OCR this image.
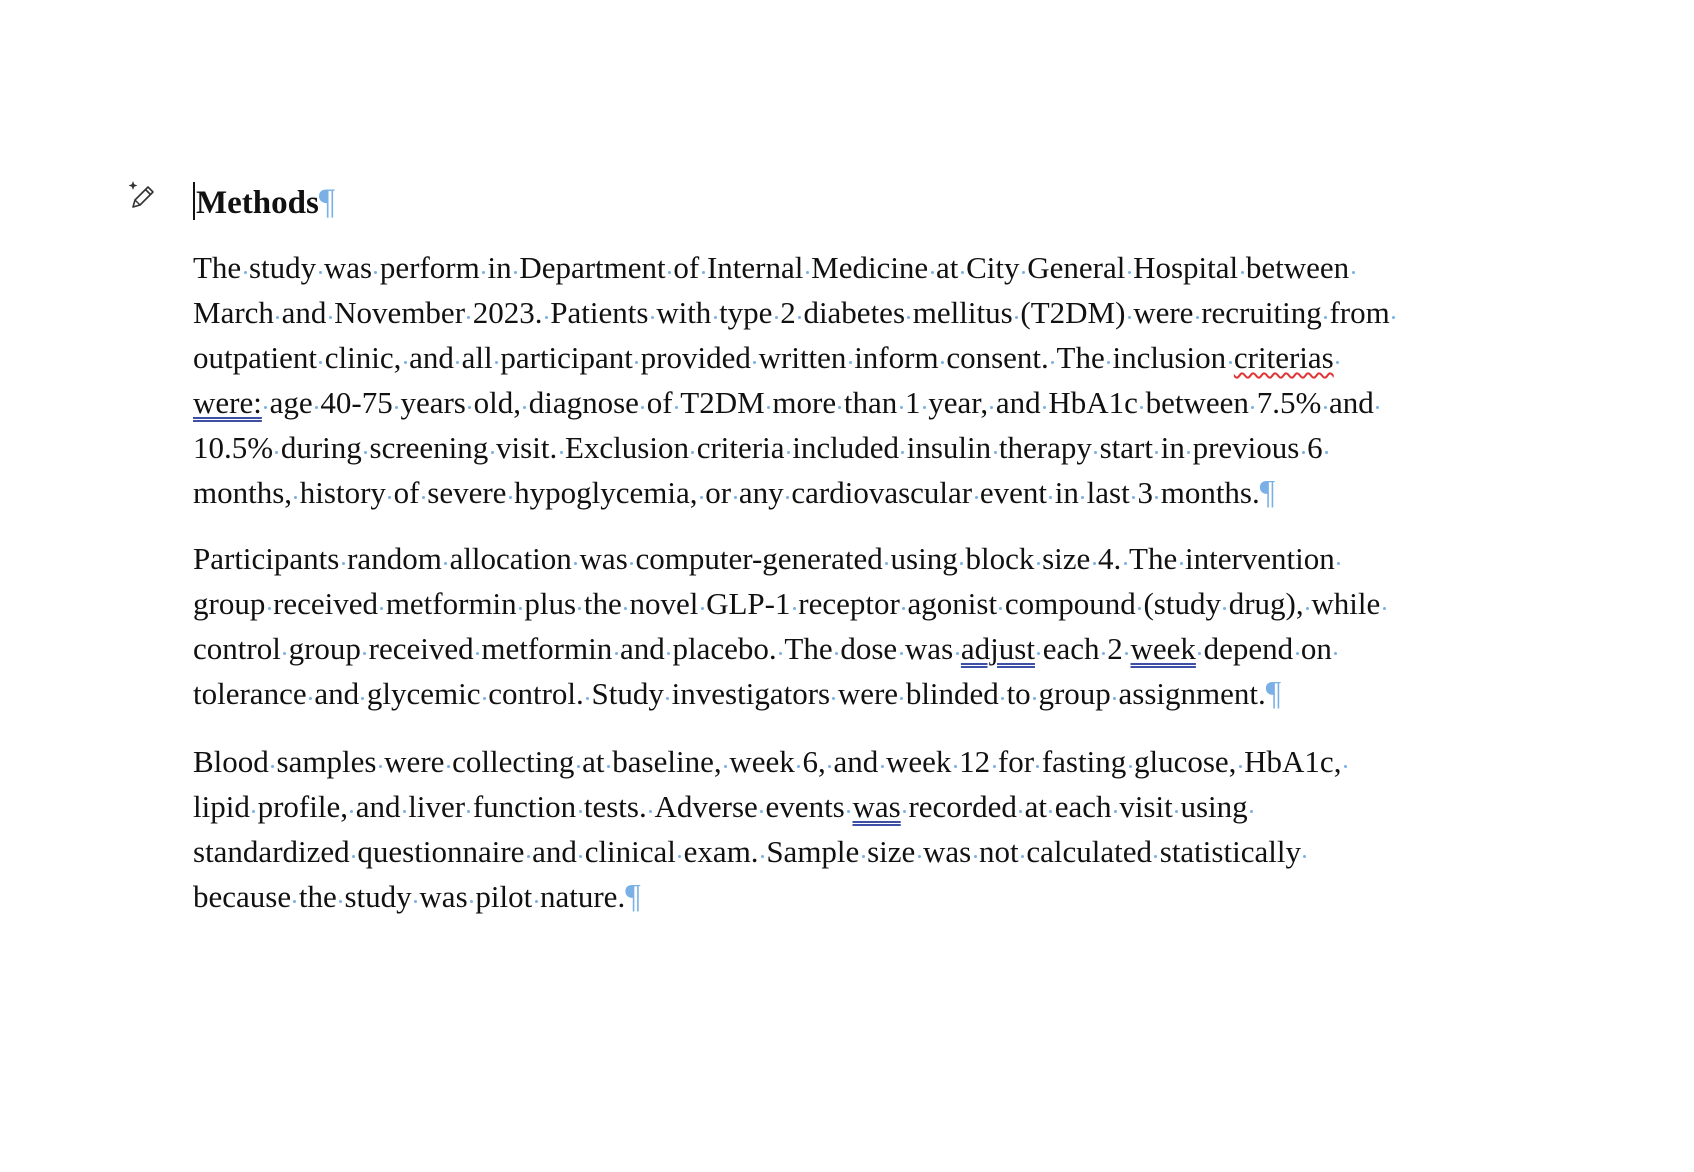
Methods¶
The study was perform in Department of Internal Medicine at City General Hospital between
March and November 2023. Patients with type 2 diabetes mellitus (T2DM) were recruiting from
outpatient clinic, and all participant provided written inform consent. The inclusion criterias
were: age 40-75 years old, diagnose of T2DM more than 1 year, and HbA1c between 7.5% and
10.5% during screening visit. Exclusion criteria included insulin therapy start in previous 6
months, history of severe hypoglycemia, or any cardiovascular event in last 3 months.¶
Participants random allocation was computer-generated using block size 4. The intervention
group received metformin plus the novel GLP-1 receptor agonist compound (study drug), while
control group received metformin and placebo. The dose was adjust each 2 week depend on
tolerance and glycemic control. Study investigators were blinded to group assignment.¶
Blood samples were collecting at baseline, week 6, and week 12 for fasting glucose, HbA1c,
lipid profile, and liver function tests. Adverse events was recorded at each visit using
standardized questionnaire and clinical exam. Sample size was not calculated statistically
because the study was pilot nature.¶
